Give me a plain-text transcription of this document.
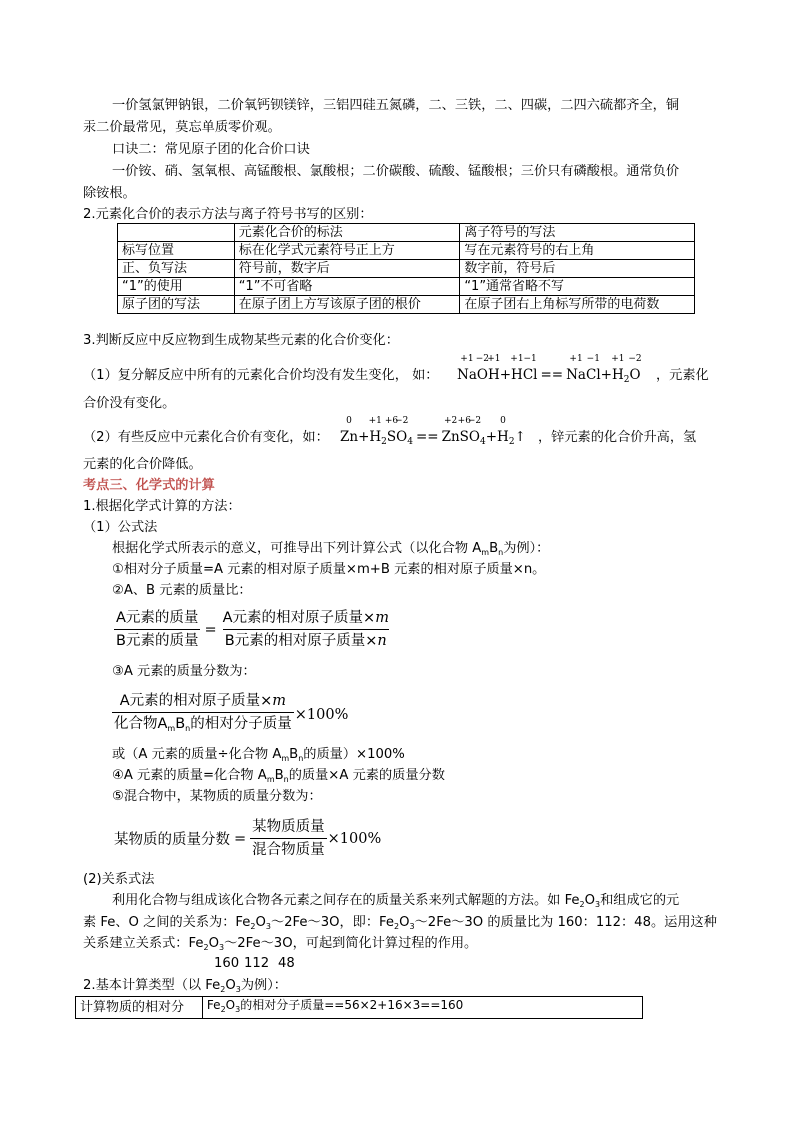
一价氢氯钾钠银，二价氧钙钡镁锌，三铝四硅五氮磷，二、三铁，二、四碳，二四六硫都齐全，铜
汞二价最常见，莫忘单质零价观。
口诀二：常见原子团的化合价口诀
一价铵、硝、氢氧根、高锰酸根、氯酸根；二价碳酸、硫酸、锰酸根；三价只有磷酸根。通常负价
除铵根。
2.元素化合价的表示方法与离子符号书写的区别：
	元素化合价的标法	离子符号的写法
标写位置	标在化学式元素符号正上方	写在元素符号的右上角
正、负写法	符号前，数字后	数字前，符号后
“1”的使用	“1”不可省略	“1”通常省略不写
原子团的写法	在原子团上方写该原子团的根价	在原子团右上角标写所带的电荷数
3.判断反应中反应物到生成物某些元素的化合价变化：
（1）复分解反应中所有的元素化合价均没有发生变化， 如：
+1
Na
−2
O
+1
H+
+1
H
−1
Cl ==
+1
Na
−1
Cl+
+1
$H_2$
−2
O ，元素化
合价没有变化。
（2）有些反应中元素化合价有变化，如：
0
Zn+
+1
$H_2$
+6
S
−2
$O_4$ ==
+2
Zn
+6
S
−2
$O_4+$
0
$H_2↑$ ，锌元素的化合价升高，氢
元素的化合价降低。
考点三、化学式的计算
1.根据化学式计算的方法：
（1）公式法
根据化学式所表示的意义，可推导出下列计算公式（以化合物 $A_mB_n$为例）：
①相对分子质量=A 元素的相对原子质量×m+B 元素的相对原子质量×n。
②A、B 元素的质量比：
$\frac{\text{A元素的质量}}{\text{B元素的质量}} = \frac{\text{A元素的相对原子质量×m}}{\text{B元素的相对原子质量×n}}$
③A 元素的质量分数为：
$\frac{\text{A元素的相对原子质量×m}}{化合物A_mB_n的相对分子质量} \times 100\%$
或（A 元素的质量÷化合物 $A_mB_n$的质量）×100%
④A 元素的质量=化合物 $A_mB_n$的质量×A 元素的质量分数
⑤混合物中，某物质的质量分数为：
某物质的质量分数 = $\frac{\text{某物质质量}}{\text{混合物质量}} \times 100\%$
(2)关系式法
利用化合物与组成该化合物各元素之间存在的质量关系来列式解题的方法。如 $Fe_2O_3$和组成它的元
素 Fe、O 之间的关系为：$Fe_2O_3\sim 2Fe\sim 3O$，即：$Fe_2O_3\sim 2Fe\sim 3O$ 的质量比为 160：112：48。运用这种
关系建立关系式：$Fe_2O_3\sim 2Fe\sim 3O$，可起到简化计算过程的作用。
160 112 48
2.基本计算类型（以 $Fe_2O_3$为例）：
计算物质的相对分	$Fe_2O_3$的相对分子质量==56×2+16×3==160
